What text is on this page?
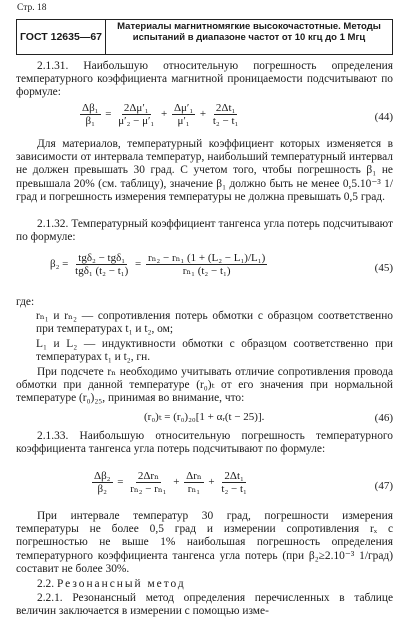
Стр. 18
ГОСТ 12635—67
Материалы магнитномягкие высокочастотные. Методы испытаний в диапазоне частот от 10 кгц до 1 Мгц
2.1.31. Наибольшую относительную погрешность определения температурного коэффициента магнитной проницаемости подсчитывают по формуле:
$\frac{\text{Δβ₁}}{\text{β₁}} = \frac{\text{2Δμ′₁}}{\text{μ′₂ − μ′₁}} + \frac{\text{Δμ′₁}}{\text{μ′₁}} + \frac{\text{2Δt₁}}{\text{t₂ − t₁}}$	(44)
Для материалов, температурный коэффициент которых изменяется в зависимости от интервала температур, наибольший температурный интервал не должен превышать 30 град. С учетом того, чтобы погрешность β₁ не превышала 20% (см. таблицу), значение β₁ должно быть не менее 0,5.10⁻³ 1/град и погрешность измерения температуры не должна превышать 0,5 град.
2.1.32. Температурный коэффициент тангенса угла потерь подсчитывают по формуле:
$\beta_2 = \frac{\text{tgδ₂ − tgδ₁}}{\text{tgδ₁ (t₂ − t₁)}} = \frac{\text{rₙ₂ − rₙ₁ (1 + (L₂ − L₁)/L₁)}}{\text{rₙ₁ (t₂ − t₁)}}$	(45)
где:
rₙ₁ и rₙ₂ — сопротивления потерь обмотки с образцом соответственно при температурах t₁ и t₂, ом;
L₁ и L₂ — индуктивности обмотки с образцом соответственно при температурах t₁ и t₂, гн.
При подсчете rₙ необходимо учитывать отличие сопротивления провода обмотки при данной температуре (r₀)ₜ от его значения при нормальной температуре (r₀)₂₅, принимая во внимание, что:
(r₀)ₜ = (r₀)₂₀[1 + αᵣ(t − 25)].	(46)
2.1.33. Наибольшую относительную погрешность температурного коэффициента тангенса угла потерь подсчитывают по формуле:
$\frac{\text{Δβ₂}}{\text{β₂}} = \frac{\text{2Δrₙ}}{\text{rₙ₂ − rₙ₁}} + \frac{\text{Δrₙ}}{\text{rₙ₁}} + \frac{\text{2Δt₁}}{\text{t₂ − t₁}}$	(47)
При интервале температур 30 град, погрешности измерения температуры не более 0,5 град и измерении сопротивления rₓ с погрешностью не выше 1% наибольшая погрешность определения температурного коэффициента тангенса угла потерь (при β₂≥2.10⁻³ 1/град) составит не более 30%.
2.2. Резонансный метод
2.2.1. Резонансный метод определения перечисленных в таблице величин заключается в измерении с помощью изме-
